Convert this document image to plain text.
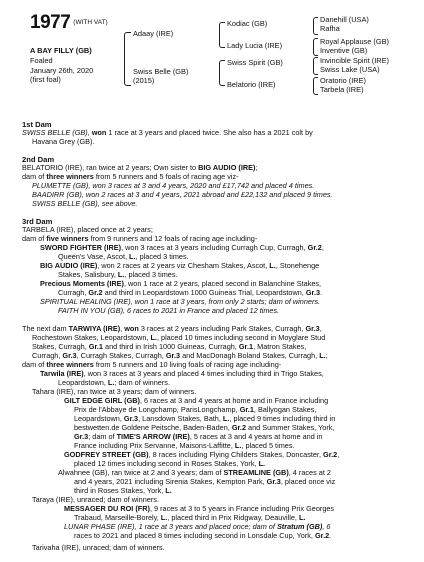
1977 $^{(WITH VAT)}$
A BAY FILLY (GB)
Foaled
January 26th, 2020
(first foal)
Adaay (IRE)
Swiss Belle (GB)
(2015)
Kodiac (GB)
Lady Lucia (IRE)
Swiss Spirit (GB)
Belatorio (IRE)
Danehill (USA)
Rafha
Royal Applause (GB)
Inventive (GB)
Invincible Spirit (IRE)
Swiss Lake (USA)
Oratorio (IRE)
Tarbela (IRE)
1st Dam
SWISS BELLE (GB), won 1 race at 3 years and placed twice. She also has a 2021 colt by
Havana Grey (GB).
2nd Dam
BELATORIO (IRE), ran twice at 2 years; Own sister to BIG AUDIO (IRE);
dam of three winners from 5 runners and 5 foals of racing age viz-
PLUMETTE (GB), won 3 races at 3 and 4 years, 2020 and £17,742 and placed 4 times.
BAADIRR (GB), won 2 races at 3 and 4 years, 2021 abroad and £22,132 and placed 9 times.
SWISS BELLE (GB), see above.
3rd Dam
TARBELA (IRE), placed once at 2 years;
dam of five winners from 9 runners and 12 foals of racing age including-
SWORD FIGHTER (IRE), won 3 races at 3 years including Curragh Cup, Curragh, Gr.2,
Queen's Vase, Ascot, L., placed 3 times.
BIG AUDIO (IRE), won 2 races at 2 years viz Chesham Stakes, Ascot, L., Stonehenge
Stakes, Salisbury, L., placed 3 times.
Precious Moments (IRE), won 1 race at 2 years, placed second in Balanchine Stakes,
Curragh, Gr.2 and third in Leopardstown 1000 Guineas Trial, Leopardstown, Gr.3.
SPIRITUAL HEALING (IRE), won 1 race at 3 years, from only 2 starts; dam of winners.
FAITH IN YOU (GB), 6 races to 2021 in France and placed 12 times.
The next dam TARWIYA (IRE), won 3 races at 2 years including Park Stakes, Curragh, Gr.3,
Rochestown Stakes, Leopardstown, L., placed 10 times including second in Moyglare Stud
Stakes, Curragh, Gr.1 and third in Irish 1000 Guineas, Curragh, Gr.1, Matron Stakes,
Curragh, Gr.3, Curragh Stakes, Curragh, Gr.3 and MacDonagh Boland Stakes, Curragh, L.;
dam of three winners from 5 runners and 10 living foals of racing age including-
Tarwila (IRE), won 3 races at 3 years and placed 4 times including third in Trigo Stakes,
Leopardstown, L.; dam of winners.
Tahara (IRE), ran twice at 3 years; dam of winners.
GILT EDGE GIRL (GB), 6 races at 3 and 4 years at home and in France including
Prix de l'Abbaye de Longchamp, ParisLongchamp, Gr.1, Ballyogan Stakes,
Leopardstown, Gr.3, Lansdown Stakes, Bath, L., placed 9 times including third in
bestwetten.de Goldene Peitsche, Baden-Baden, Gr.2 and Summer Stakes, York,
Gr.3; dam of TIME'S ARROW (IRE), 5 races at 3 and 4 years at home and in
France including Prix Servanne, Maisons-Laffitte, L., placed 5 times.
GODFREY STREET (GB), 8 races including Flying Childers Stakes, Doncaster, Gr.2,
placed 12 times including second in Roses Stakes, York, L.
Alwahnee (GB), ran twice at 2 and 3 years; dam of STREAMLINE (GB), 4 races at 2
and 4 years, 2021 including Sirenia Stakes, Kempton Park, Gr.3, placed once viz
third in Roses Stakes, York, L.
Taraya (IRE), unraced; dam of winners.
MESSAGER DU ROI (FR), 9 races at 3 to 5 years in France including Prix Georges
Trabaud, Marseille-Borely, L., placed third in Prix Ridgway, Deauville, L.
LUNAR PHASE (IRE), 1 race at 3 years and placed once; dam of Stratum (GB), 6
races to 2021 and placed 8 times including second in Lonsdale Cup, York, Gr.2.
Tarivaha (IRE), unraced; dam of winners.
